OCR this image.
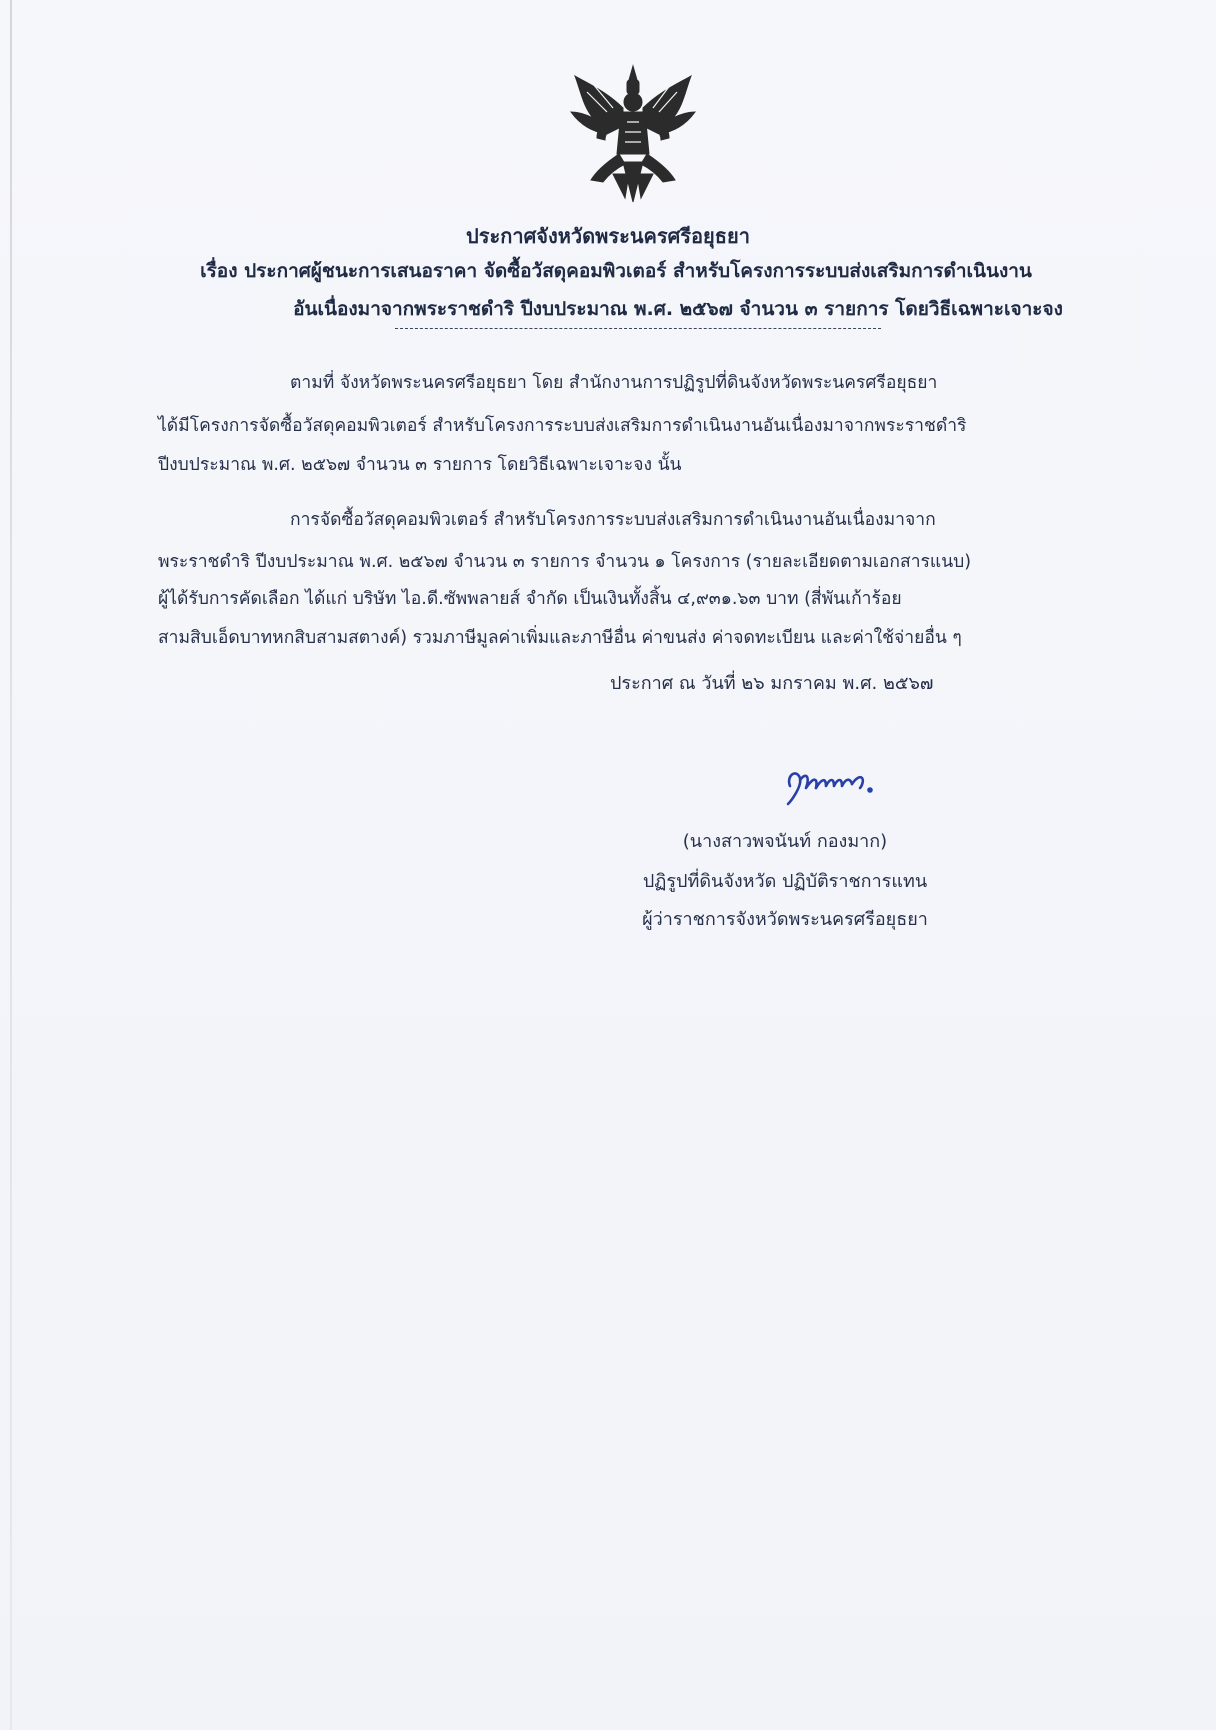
ประกาศจังหวัดพระนครศรีอยุธยา
เรื่อง ประกาศผู้ชนะการเสนอราคา จัดซื้อวัสดุคอมพิวเตอร์ สำหรับโครงการระบบส่งเสริมการดำเนินงาน
อันเนื่องมาจากพระราชดำริ ปีงบประมาณ พ.ศ. ๒๕๖๗ จำนวน ๓ รายการ โดยวิธีเฉพาะเจาะจง
ตามที่ จังหวัดพระนครศรีอยุธยา โดย สำนักงานการปฏิรูปที่ดินจังหวัดพระนครศรีอยุธยา
ได้มีโครงการจัดซื้อวัสดุคอมพิวเตอร์ สำหรับโครงการระบบส่งเสริมการดำเนินงานอันเนื่องมาจากพระราชดำริ
ปีงบประมาณ พ.ศ. ๒๕๖๗ จำนวน ๓ รายการ โดยวิธีเฉพาะเจาะจง นั้น
การจัดซื้อวัสดุคอมพิวเตอร์ สำหรับโครงการระบบส่งเสริมการดำเนินงานอันเนื่องมาจาก
พระราชดำริ ปีงบประมาณ พ.ศ. ๒๕๖๗ จำนวน ๓ รายการ จำนวน ๑ โครงการ (รายละเอียดตามเอกสารแนบ)
ผู้ได้รับการคัดเลือก ได้แก่ บริษัท ไอ.ดี.ซัพพลายส์ จำกัด เป็นเงินทั้งสิ้น ๔,๙๓๑.๖๓ บาท (สี่พันเก้าร้อย
สามสิบเอ็ดบาทหกสิบสามสตางค์) รวมภาษีมูลค่าเพิ่มและภาษีอื่น ค่าขนส่ง ค่าจดทะเบียน และค่าใช้จ่ายอื่น ๆ
ประกาศ ณ วันที่ ๒๖ มกราคม พ.ศ. ๒๕๖๗
(นางสาวพจนันท์ กองมาก)
ปฏิรูปที่ดินจังหวัด ปฏิบัติราชการแทน
ผู้ว่าราชการจังหวัดพระนครศรีอยุธยา
